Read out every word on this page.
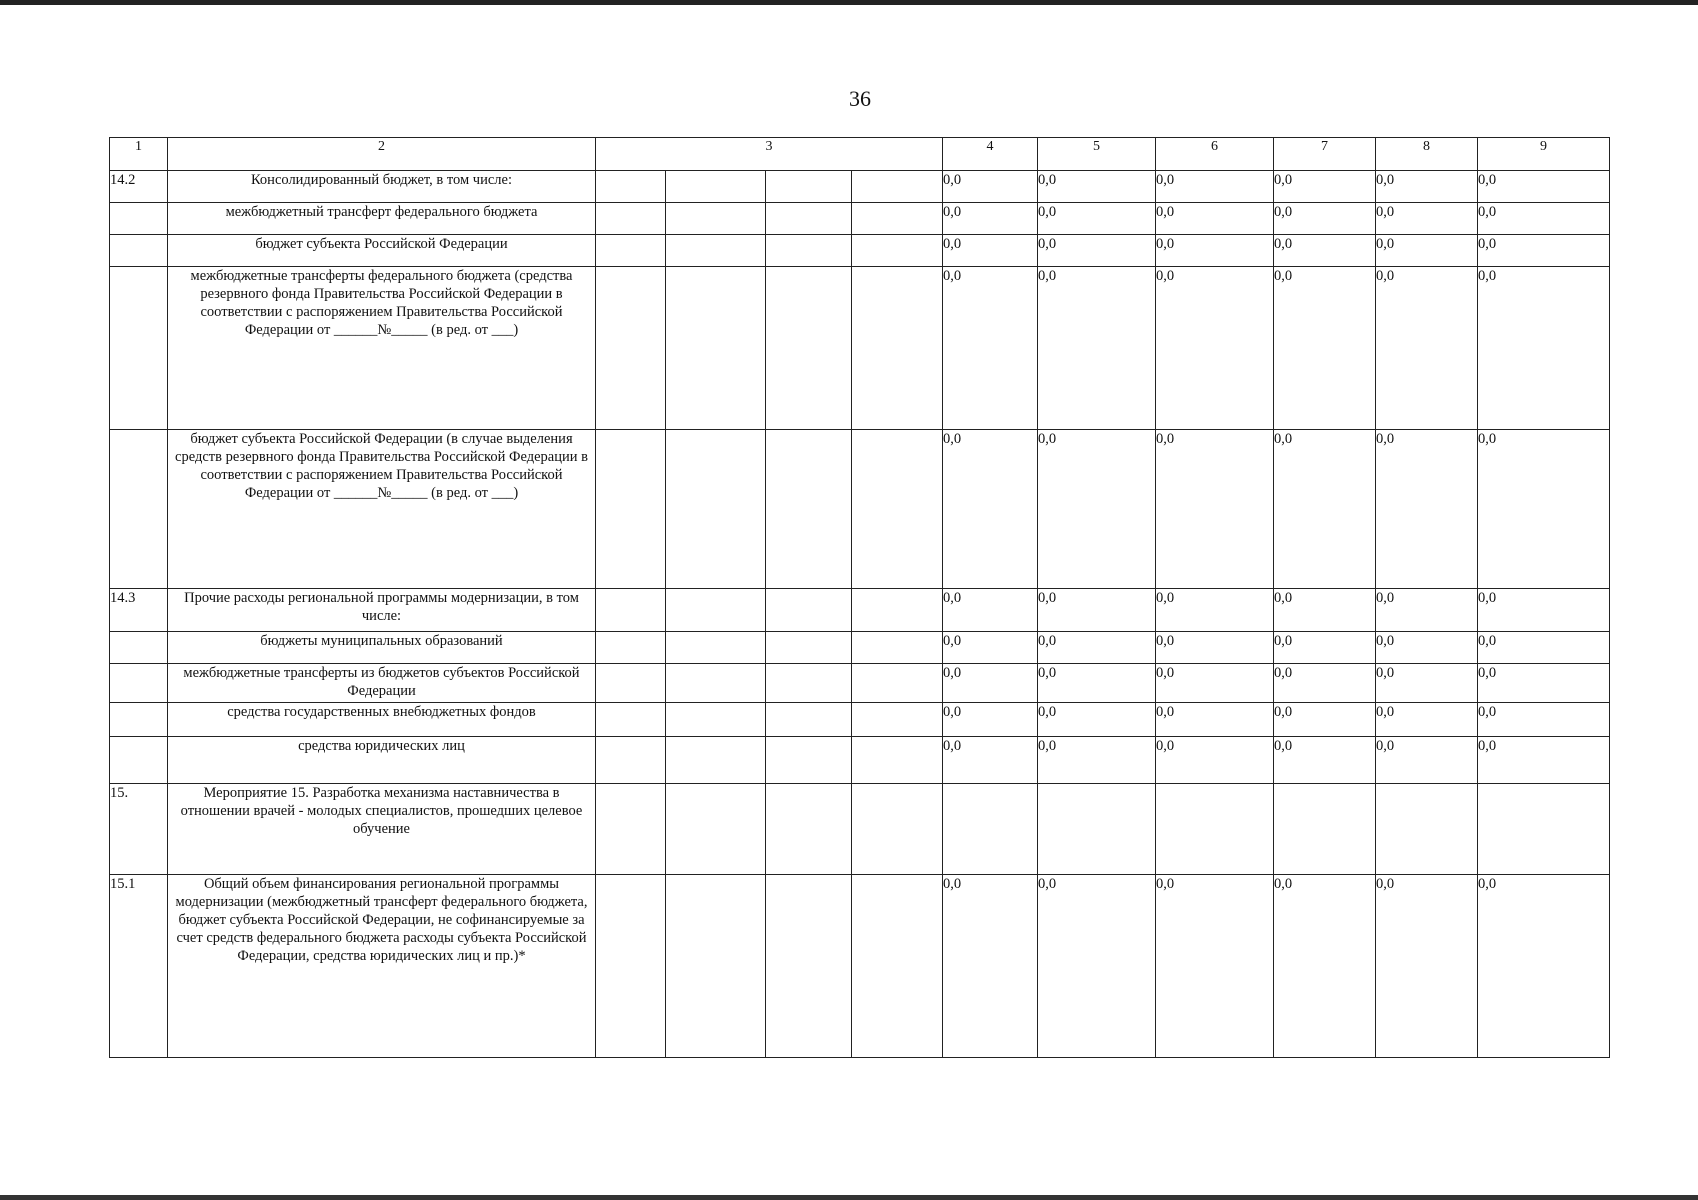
36
1	2	3				4	5	6	7	8	9
14.2	Консолидированный бюджет, в том числе:					0,0	0,0	0,0	0,0	0,0	0,0
	межбюджетный трансферт федерального бюджета					0,0	0,0	0,0	0,0	0,0	0,0
	бюджет субъекта Российской Федерации					0,0	0,0	0,0	0,0	0,0	0,0
	межбюджетные трансферты федерального бюджета (средства резервного фонда Правительства Российской Федерации в соответствии с распоряжением Правительства Российской Федерации от ______№_____ (в ред. от ___)					0,0	0,0	0,0	0,0	0,0	0,0
	бюджет субъекта Российской Федерации (в случае выделения средств резервного фонда Правительства Российской Федерации в соответствии с распоряжением Правительства Российской Федерации от ______№_____ (в ред. от ___)					0,0	0,0	0,0	0,0	0,0	0,0
14.3	Прочие расходы региональной программы модернизации, в том числе:					0,0	0,0	0,0	0,0	0,0	0,0
	бюджеты муниципальных образований					0,0	0,0	0,0	0,0	0,0	0,0
	межбюджетные трансферты из бюджетов субъектов Российской Федерации					0,0	0,0	0,0	0,0	0,0	0,0
	средства государственных внебюджетных фондов					0,0	0,0	0,0	0,0	0,0	0,0
	средства юридических лиц					0,0	0,0	0,0	0,0	0,0	0,0
15.	Мероприятие 15. Разработка механизма наставничества в отношении врачей - молодых специалистов, прошедших целевое обучение										
15.1	Общий объем финансирования региональной программы модернизации (межбюджетный трансферт федерального бюджета, бюджет субъекта Российской Федерации, не софинансируемые за счет средств федерального бюджета расходы субъекта Российской Федерации, средства юридических лиц и пр.)*					0,0	0,0	0,0	0,0	0,0	0,0
